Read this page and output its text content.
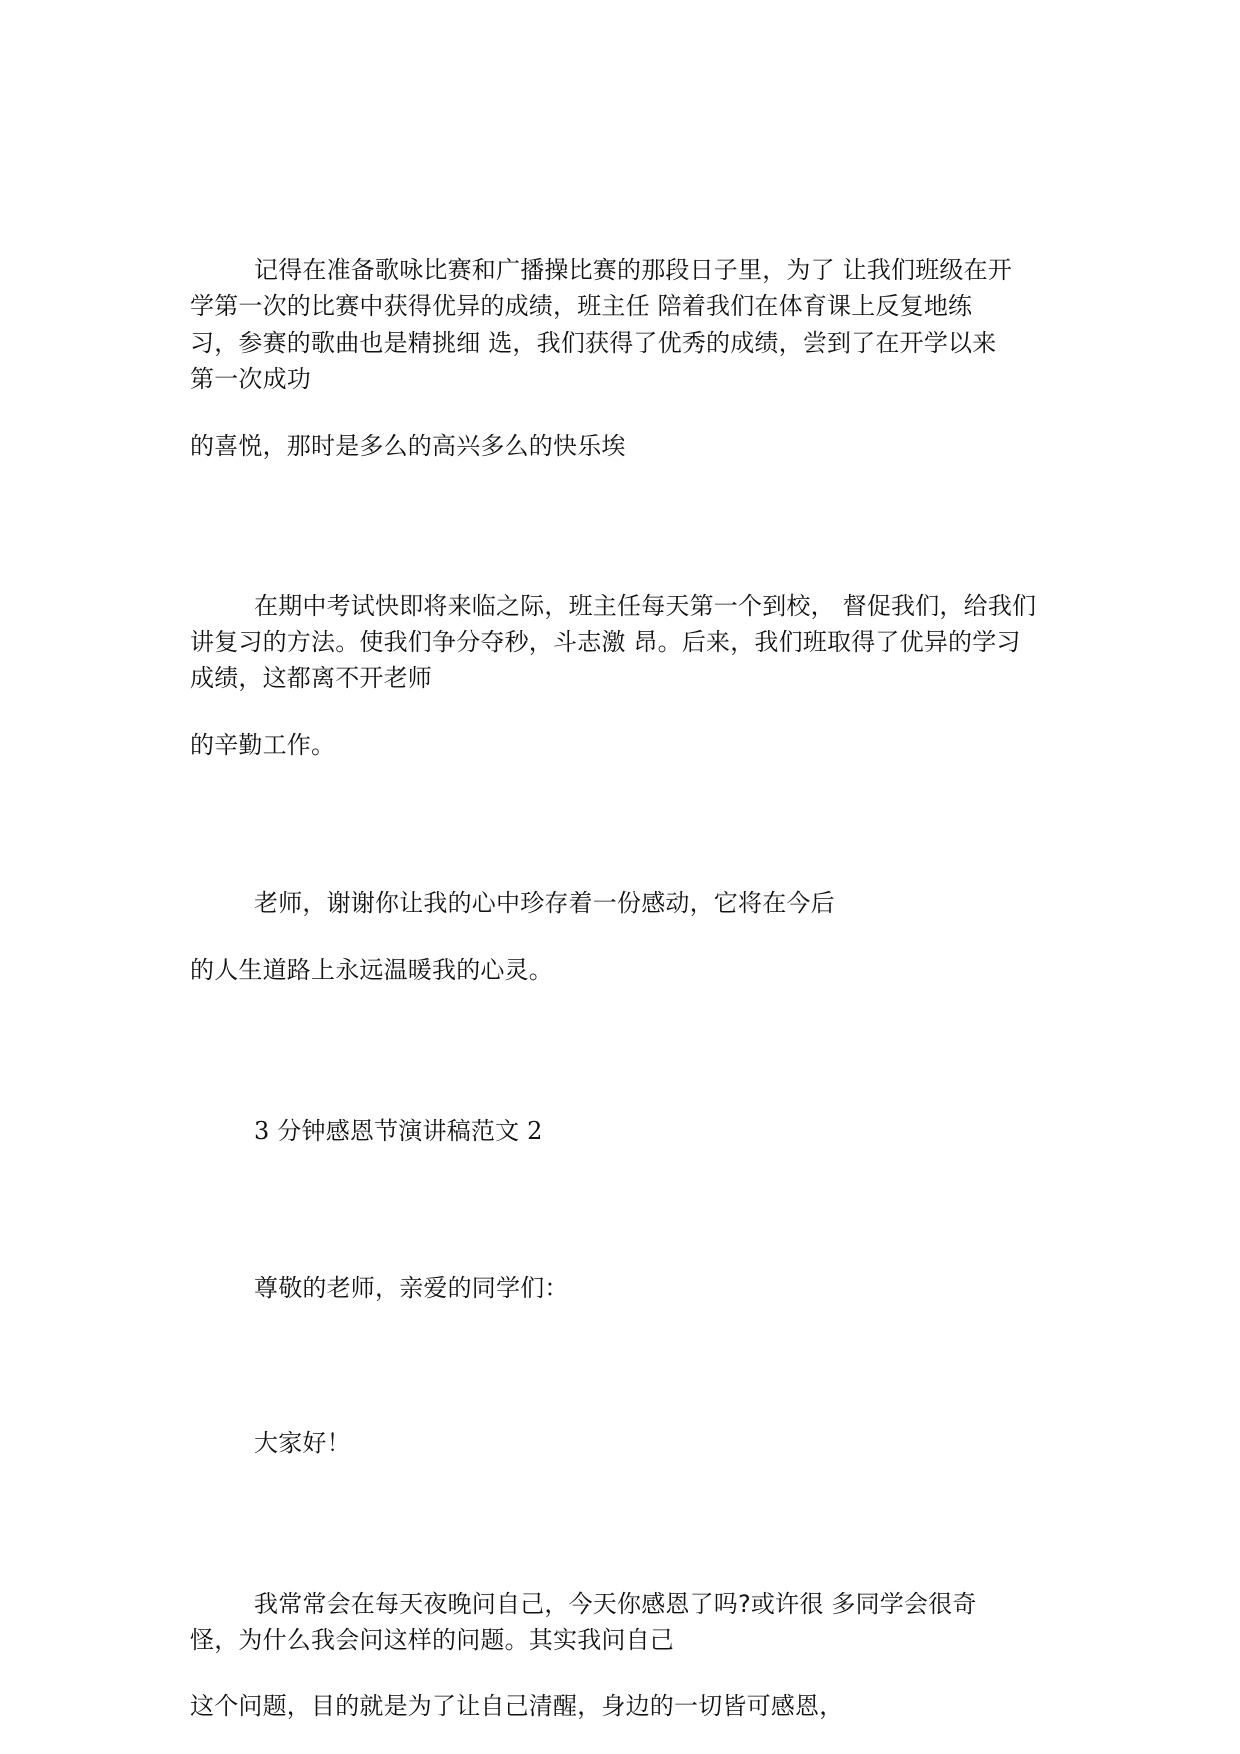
记得在准备歌咏比赛和广播操比赛的那段日子里，为了 让我们班级在开
学第一次的比赛中获得优异的成绩，班主任 陪着我们在体育课上反复地练
习，参赛的歌曲也是精挑细 选，我们获得了优秀的成绩，尝到了在开学以来
第一次成功
的喜悦，那时是多么的高兴多么的快乐埃
在期中考试快即将来临之际，班主任每天第一个到校， 督促我们，给我们
讲复习的方法。使我们争分夺秒，斗志激 昂。后来，我们班取得了优异的学习
成绩，这都离不开老师
的辛勤工作。
老师，谢谢你让我的心中珍存着一份感动，它将在今后
的人生道路上永远温暖我的心灵。
3 分钟感恩节演讲稿范文 2
尊敬的老师，亲爱的同学们：
大家好！
我常常会在每天夜晚问自己，今天你感恩了吗?或许很 多同学会很奇
怪，为什么我会问这样的问题。其实我问自己
这个问题，目的就是为了让自己清醒，身边的一切皆可感恩，
